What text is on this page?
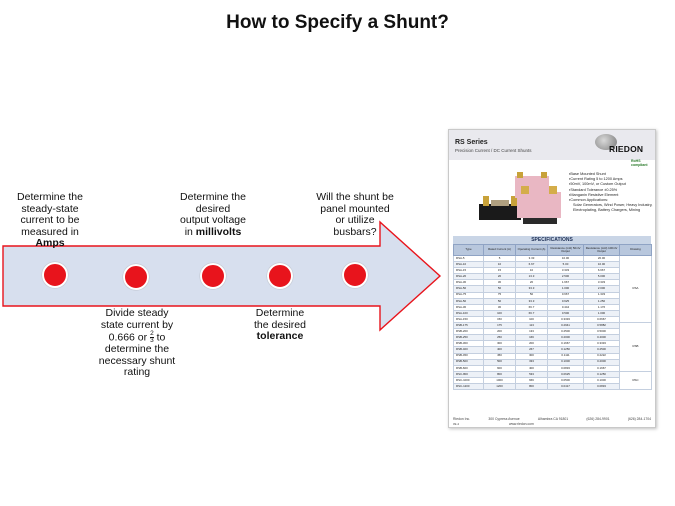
How to Specify a Shunt?
Determine the steady-state current to be measured in Amps
Determine the desired output voltage in millivolts
Will the shunt be panel mounted or utilize busbars?
Divide steady state current by
0.666 or $\frac{2}{3}$ to
determine the necessary shunt rating
Determine the desired tolerance
RS Series
Precision Current / DC Current Shunts	RIEDON
RoHS compliant
▪ Base Mounted Shunt
▪ Current Rating 5 to 1200 Amps
▪ 50mV, 100mV, or Custom Output
▪ Standard Tolerance ±0.25%
▪ Manganin Resistive Element
▪ Common Applications:
Solar Generators, Wind Power, Heavy Industry, Electroplating, Battery Chargers, Mining
SPECIFICATIONS
Type	Rated Current (A)	Operating Current (A)	Resistance (mΩ) 50mV Output	Resistance (mΩ) 100mV Output	Drawing
RSA-5	5	3.33	10.00	20.00	RSA
RSA-10	10	6.67	5.00	10.00	
RSA-15	15	10	3.333	6.667	
RSA-20	20	13.3	2.500	5.000	
RSA-30	30	20	1.667	3.333	
RSA-50	50	33.3	1.000	2.000	
RSA-75	75	50	0.667	1.333	
RSA-50	50	33.3	0.625	1.250	
RSA-30	30	66.7	0.444	1.176	
RSA-100	100	66.7	0.500	1.000	
RSA-150	150	100	0.3333	0.6667	
RSB-175	175	113	0.2941	0.5882	RSB
RSB-200	200	133	0.2500	0.5000	
RSB-250	250	166	0.2000	0.4000	
RSB-300	300	200	0.1667	0.3333	
RSB-400	400	267	0.1250	0.2500	
RSB-450	450	300	0.1111	0.2222	
RSB-500	500	333	0.1000	0.2000	
RSB-600	600	400	0.0833	0.1667	
RSC-800	800	533	0.0625	0.1250	RSC
RSC-1000	1000	666	0.0500	0.1000	
RSC-1200	1200	800	0.0417	0.0833	
Riedon Inc.	300 Cypress Avenue	Alhambra CA 91801	(626) 284-9901	(626) 284-1704
09-4	www.riedon.com
